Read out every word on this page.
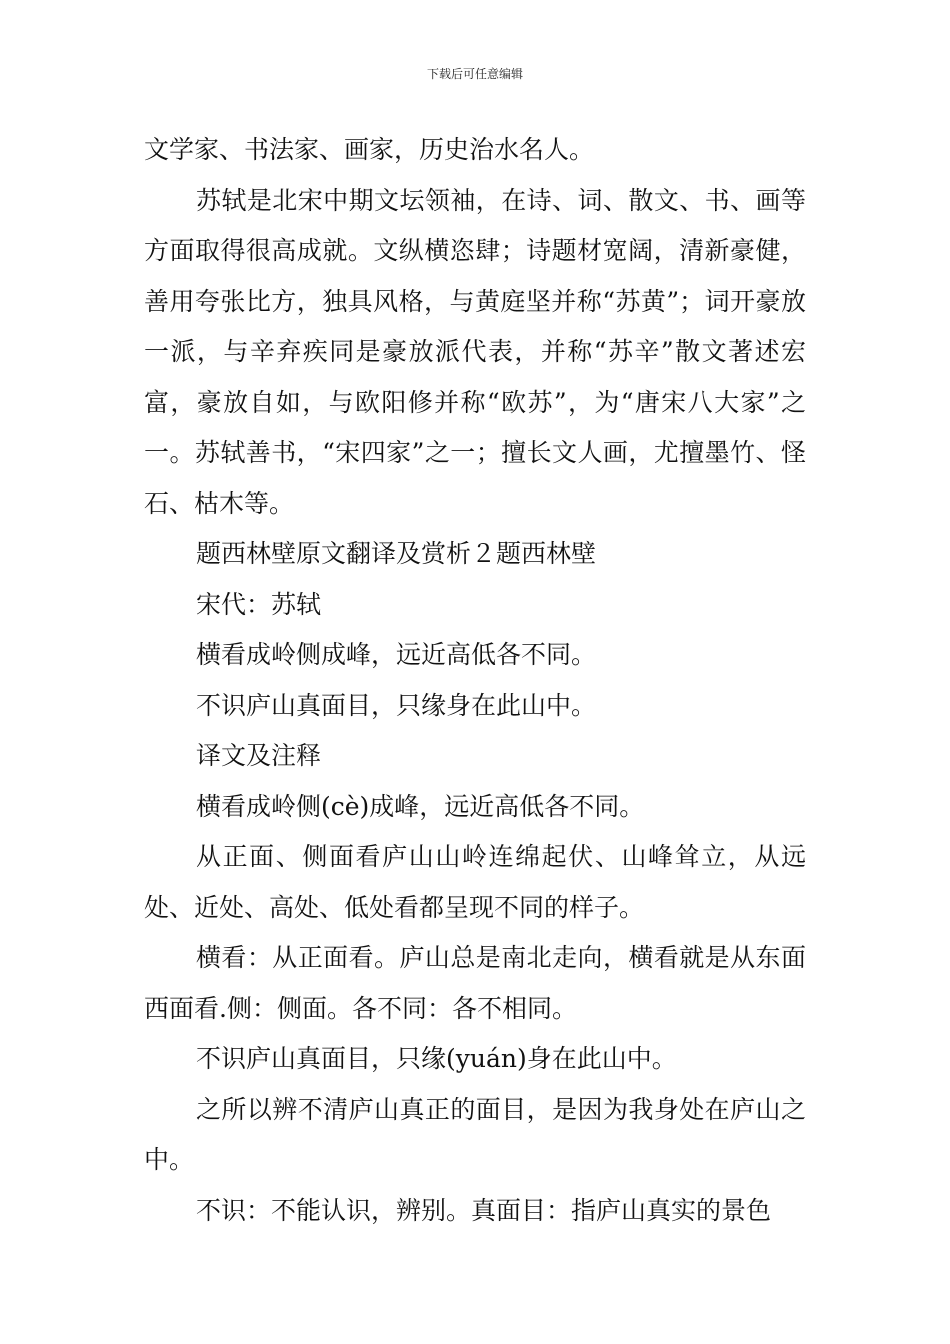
下载后可任意编辑

文学家、书法家、画家，历史治水名人。

苏轼是北宋中期文坛领袖，在诗、词、散文、书、画等方面取得很高成就。文纵横恣肆；诗题材宽阔，清新豪健，善用夸张比方，独具风格，与黄庭坚并称“苏黄”；词开豪放一派，与辛弃疾同是豪放派代表，并称“苏辛”散文著述宏富，豪放自如，与欧阳修并称“欧苏”，为“唐宋八大家”之一。苏轼善书，“宋四家”之一；擅长文人画，尤擅墨竹、怪石、枯木等。

题西林壁原文翻译及赏析２题西林壁

宋代：苏轼

横看成岭侧成峰，远近高低各不同。

不识庐山真面目，只缘身在此山中。

译文及注释

横看成岭侧(cè)成峰，远近高低各不同。

从正面、侧面看庐山山岭连绵起伏、山峰耸立，从远处、近处、高处、低处看都呈现不同的样子。

横看：从正面看。庐山总是南北走向，横看就是从东面西面看.侧：侧面。各不同：各不相同。

不识庐山真面目，只缘(yuán)身在此山中。

之所以辨不清庐山真正的面目，是因为我身处在庐山之中。

不识：不能认识，辨别。真面目：指庐山真实的景色
